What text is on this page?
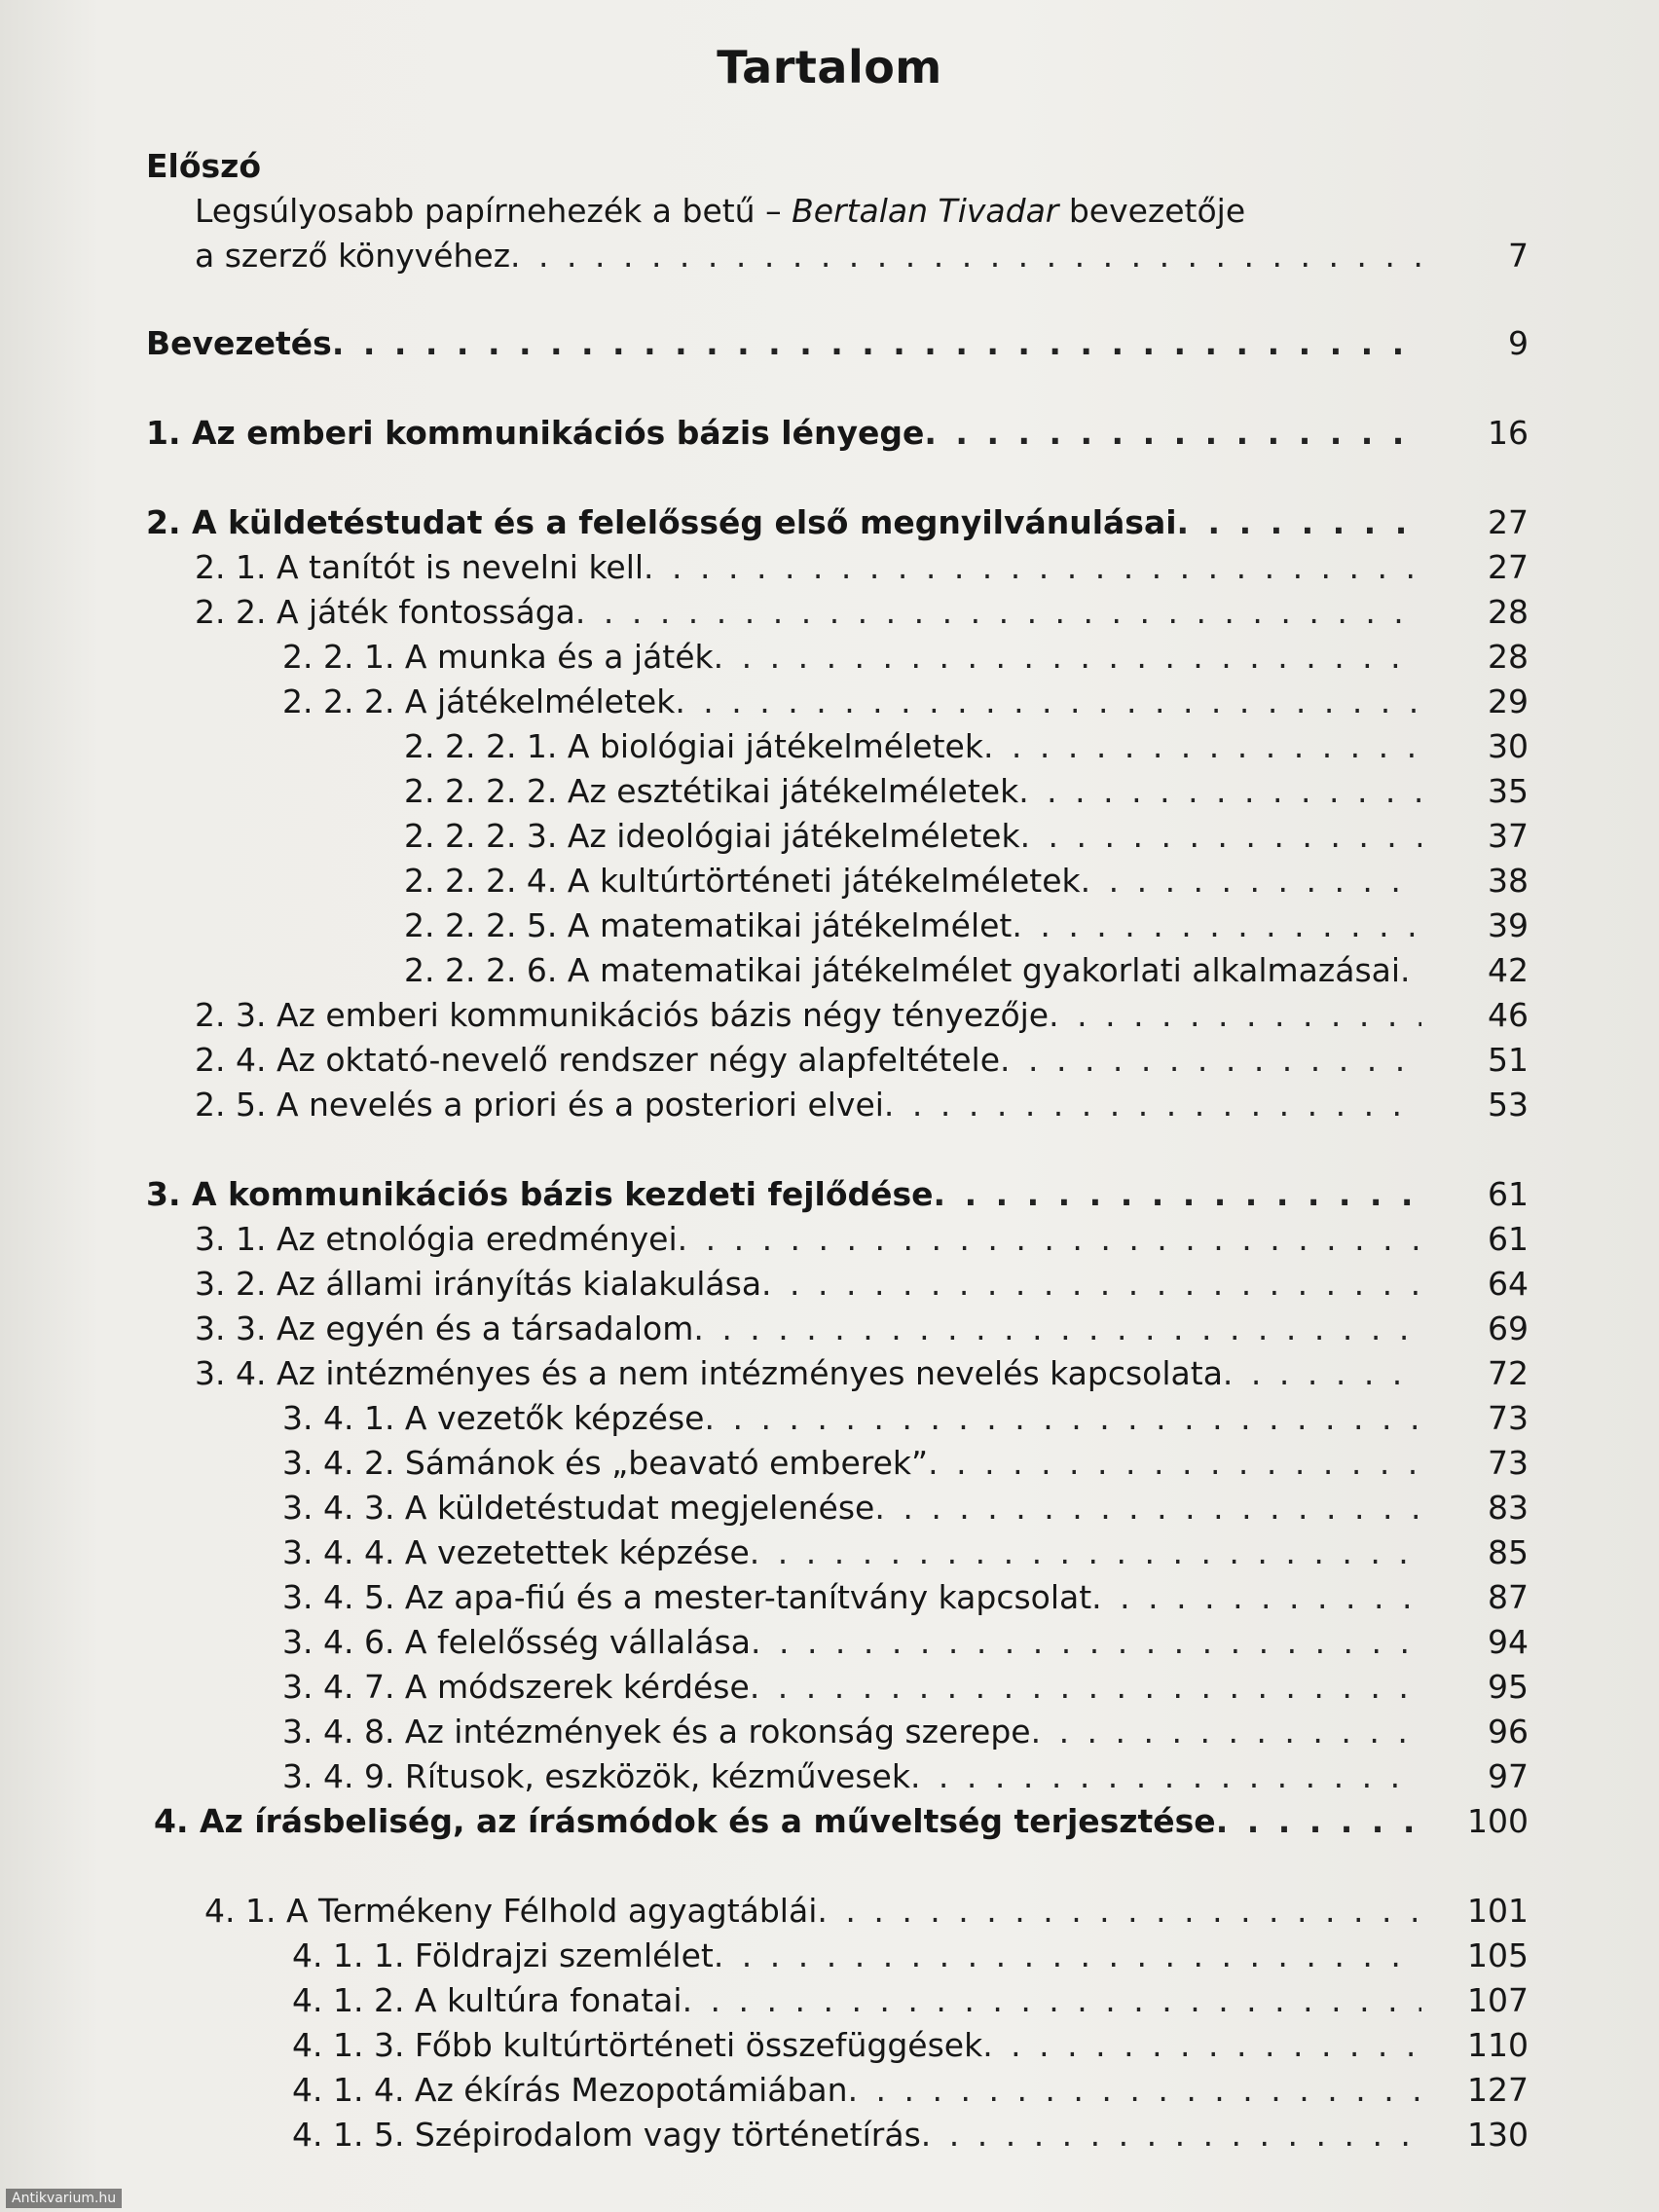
Tartalom
Előszó
Legsúlyosabb papírnehezék a betű – Bertalan Tivadar bevezetője
a szerző könyvéhez . . .	7
Bevezetés . . .	9
1. Az emberi kommunikációs bázis lényege . . .	16
2. A küldetéstudat és a felelősség első megnyilvánulásai . . .	27
2. 1. A tanítót is nevelni kell . . .	27
2. 2. A játék fontossága . . .	28
2. 2. 1. A munka és a játék . . .	28
2. 2. 2. A játékelméletek . . .	29
2. 2. 2. 1. A biológiai játékelméletek . . .	30
2. 2. 2. 2. Az esztétikai játékelméletek . . .	35
2. 2. 2. 3. Az ideológiai játékelméletek . . .	37
2. 2. 2. 4. A kultúrtörténeti játékelméletek . . .	38
2. 2. 2. 5. A matematikai játékelmélet . . .	39
2. 2. 2. 6. A matematikai játékelmélet gyakorlati alkalmazásai . . .	42
2. 3. Az emberi kommunikációs bázis négy tényezője . . .	46
2. 4. Az oktató-nevelő rendszer négy alapfeltétele . . .	51
2. 5. A nevelés a priori és a posteriori elvei . . .	53
3. A kommunikációs bázis kezdeti fejlődése . . .	61
3. 1. Az etnológia eredményei . . .	61
3. 2. Az állami irányítás kialakulása . . .	64
3. 3. Az egyén és a társadalom . . .	69
3. 4. Az intézményes és a nem intézményes nevelés kapcsolata . . .	72
3. 4. 1. A vezetők képzése . . .	73
3. 4. 2. Sámánok és „beavató emberek” . . .	73
3. 4. 3. A küldetéstudat megjelenése . . .	83
3. 4. 4. A vezetettek képzése . . .	85
3. 4. 5. Az apa-fiú és a mester-tanítvány kapcsolat . . .	87
3. 4. 6. A felelősség vállalása . . .	94
3. 4. 7. A módszerek kérdése . . .	95
3. 4. 8. Az intézmények és a rokonság szerepe . . .	96
3. 4. 9. Rítusok, eszközök, kézművesek . . .	97
4. Az írásbeliség, az írásmódok és a műveltség terjesztése . . .	100
4. 1. A Termékeny Félhold agyagtáblái . . .	101
4. 1. 1. Földrajzi szemlélet . . .	105
4. 1. 2. A kultúra fonatai . . .	107
4. 1. 3. Főbb kultúrtörténeti összefüggések . . .	110
4. 1. 4. Az ékírás Mezopotámiában . . .	127
4. 1. 5. Szépirodalom vagy történetírás . . .	130
Antikvarium.hu
